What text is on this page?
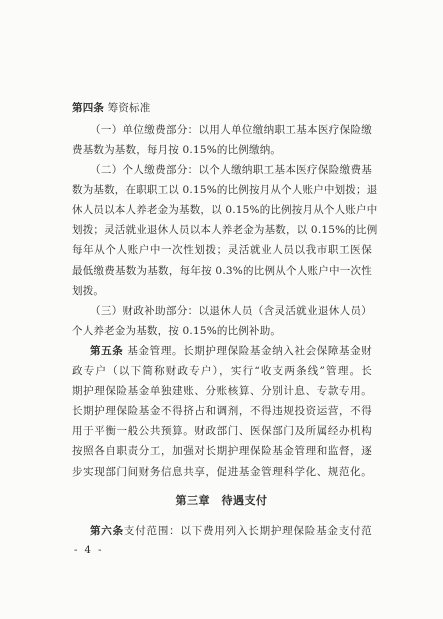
第四条 筹资标准
（一）单位缴费部分：以用人单位缴纳职工基本医疗保险缴
费基数为基数，每月按 0.15%的比例缴纳。
（二）个人缴费部分：以个人缴纳职工基本医疗保险缴费基
数为基数，在职职工以 0.15%的比例按月从个人账户中划拨；退
休人员以本人养老金为基数，以 0.15%的比例按月从个人账户中
划拨；灵活就业退休人员以本人养老金为基数，以 0.15%的比例
每年从个人账户中一次性划拨；灵活就业人员以我市职工医保
最低缴费基数为基数，每年按 0.3%的比例从个人账户中一次性
划拨。
（三）财政补助部分：以退休人员（含灵活就业退休人员）
个人养老金为基数，按 0.15%的比例补助。
第五条 基金管理。长期护理保险基金纳入社会保障基金财
政专户（以下简称财政专户），实行“收支两条线”管理。长
期护理保险基金单独建账、分账核算、分别计息、专款专用。
长期护理保险基金不得挤占和调剂，不得违规投资运营，不得
用于平衡一般公共预算。财政部门、医保部门及所属经办机构
按照各自职责分工，加强对长期护理保险基金管理和监督，逐
步实现部门间财务信息共享，促进基金管理科学化、规范化。
- 4 -
第三章　待遇支付
第六条支付范围：以下费用列入长期护理保险基金支付范
